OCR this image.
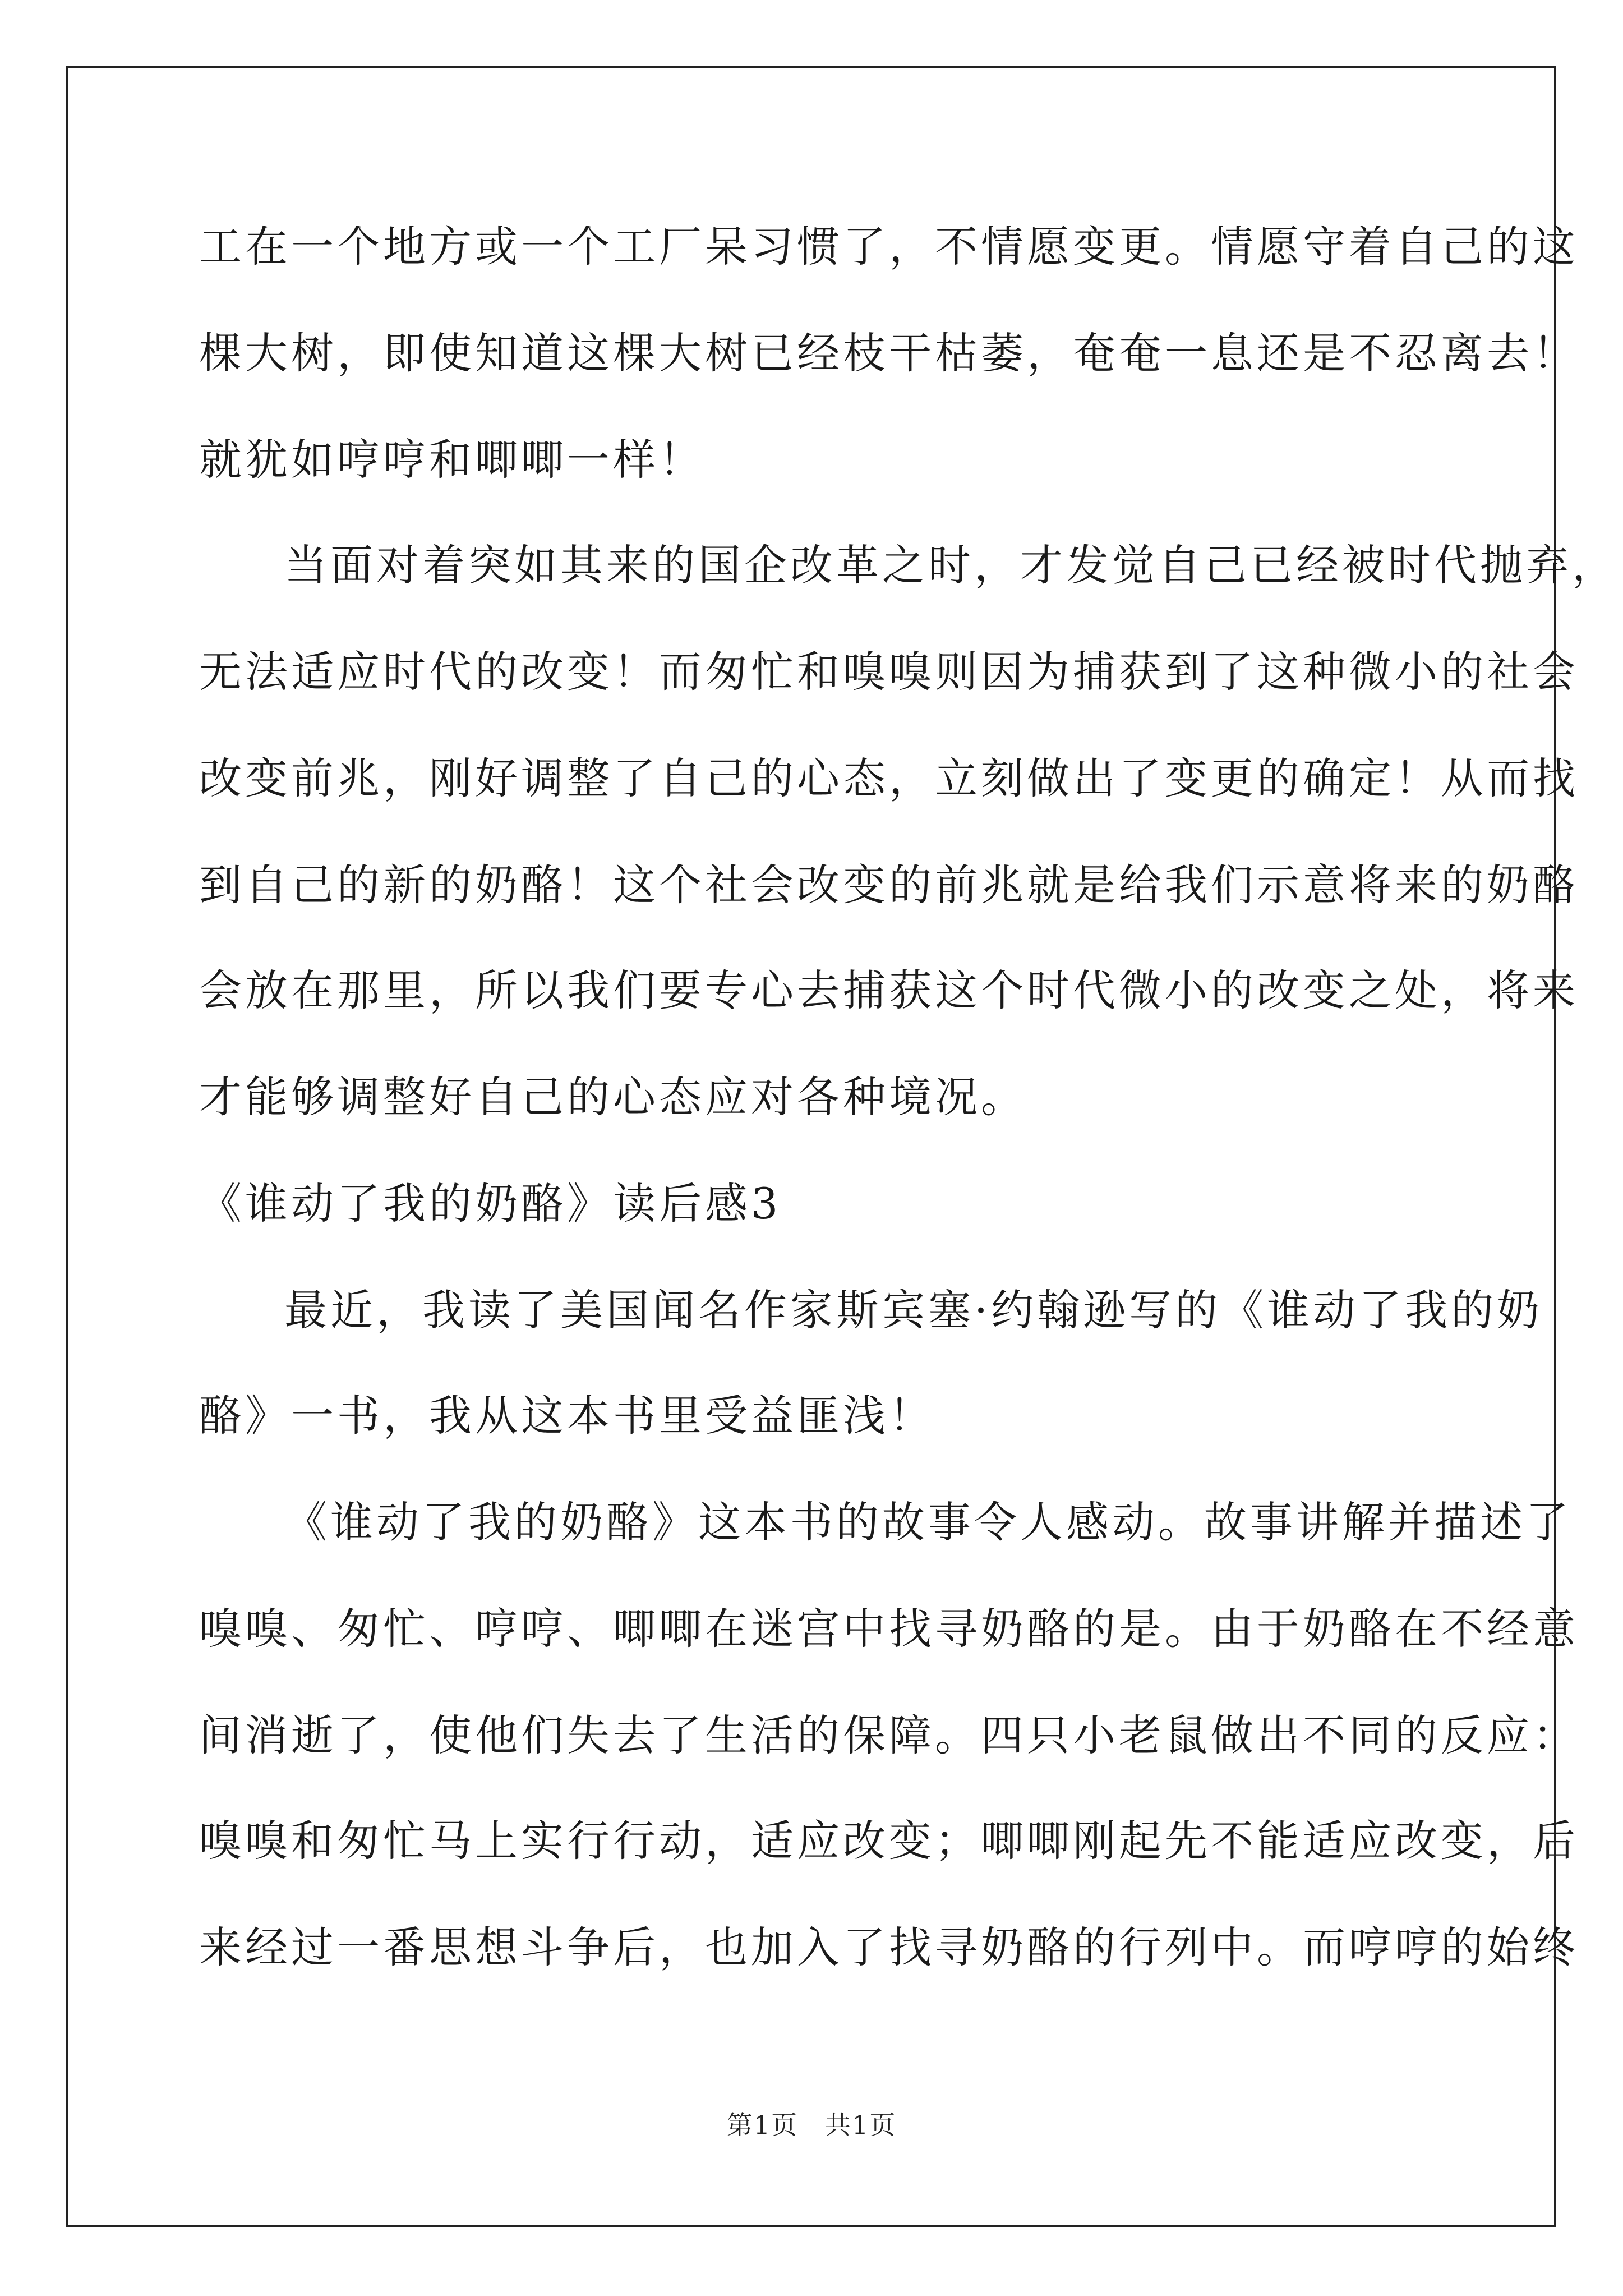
工在一个地方或一个工厂呆习惯了，不情愿变更。情愿守着自己的这
棵大树，即使知道这棵大树已经枝干枯萎，奄奄一息还是不忍离去！
就犹如哼哼和唧唧一样！
当面对着突如其来的国企改革之时，才发觉自己已经被时代抛弃，
无法适应时代的改变！而匆忙和嗅嗅则因为捕获到了这种微小的社会
改变前兆，刚好调整了自己的心态，立刻做出了变更的确定！从而找
到自己的新的奶酪！这个社会改变的前兆就是给我们示意将来的奶酪
会放在那里，所以我们要专心去捕获这个时代微小的改变之处，将来
才能够调整好自己的心态应对各种境况。
《谁动了我的奶酪》读后感3
最近，我读了美国闻名作家斯宾塞·约翰逊写的《谁动了我的奶
酪》一书，我从这本书里受益匪浅！
《谁动了我的奶酪》这本书的故事令人感动。故事讲解并描述了
嗅嗅、匆忙、哼哼、唧唧在迷宫中找寻奶酪的是。由于奶酪在不经意
间消逝了，使他们失去了生活的保障。四只小老鼠做出不同的反应：
嗅嗅和匆忙马上实行行动，适应改变；唧唧刚起先不能适应改变，后
来经过一番思想斗争后，也加入了找寻奶酪的行列中。而哼哼的始终
第1页　共1页
